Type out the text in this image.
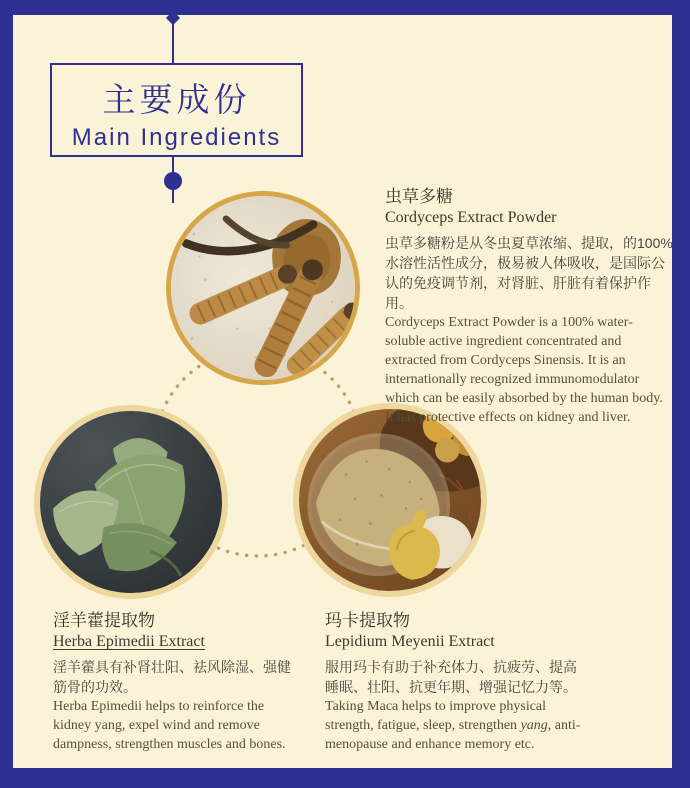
主要成份
Main Ingredients
虫草多糖
Cordyceps Extract Powder
虫草多糖粉是从冬虫夏草浓缩、提取，的100%水溶性活性成分，极易被人体吸收，是国际公认的免疫调节剂，对肾脏、肝脏有着保护作用。
Cordyceps Extract Powder is a 100% water-soluble active ingredient concentrated and extracted from Cordyceps Sinensis. It is an internationally recognized immunomodulator which can be easily absorbed by the human body. It has protective effects on kidney and liver.
淫羊藿提取物
Herba Epimedii Extract
淫羊藿具有补肾壮阳、祛风除湿、强健筋骨的功效。
Herba Epimedii helps to reinforce the kidney yang, expel wind and remove dampness, strengthen muscles and bones.
玛卡提取物
Lepidium Meyenii Extract
服用玛卡有助于补充体力、抗疲劳、提高睡眠、壮阳、抗更年期、增强记忆力等。
Taking Maca helps to improve physical strength, fatigue, sleep, strengthen yang, anti-menopause and enhance memory etc.
